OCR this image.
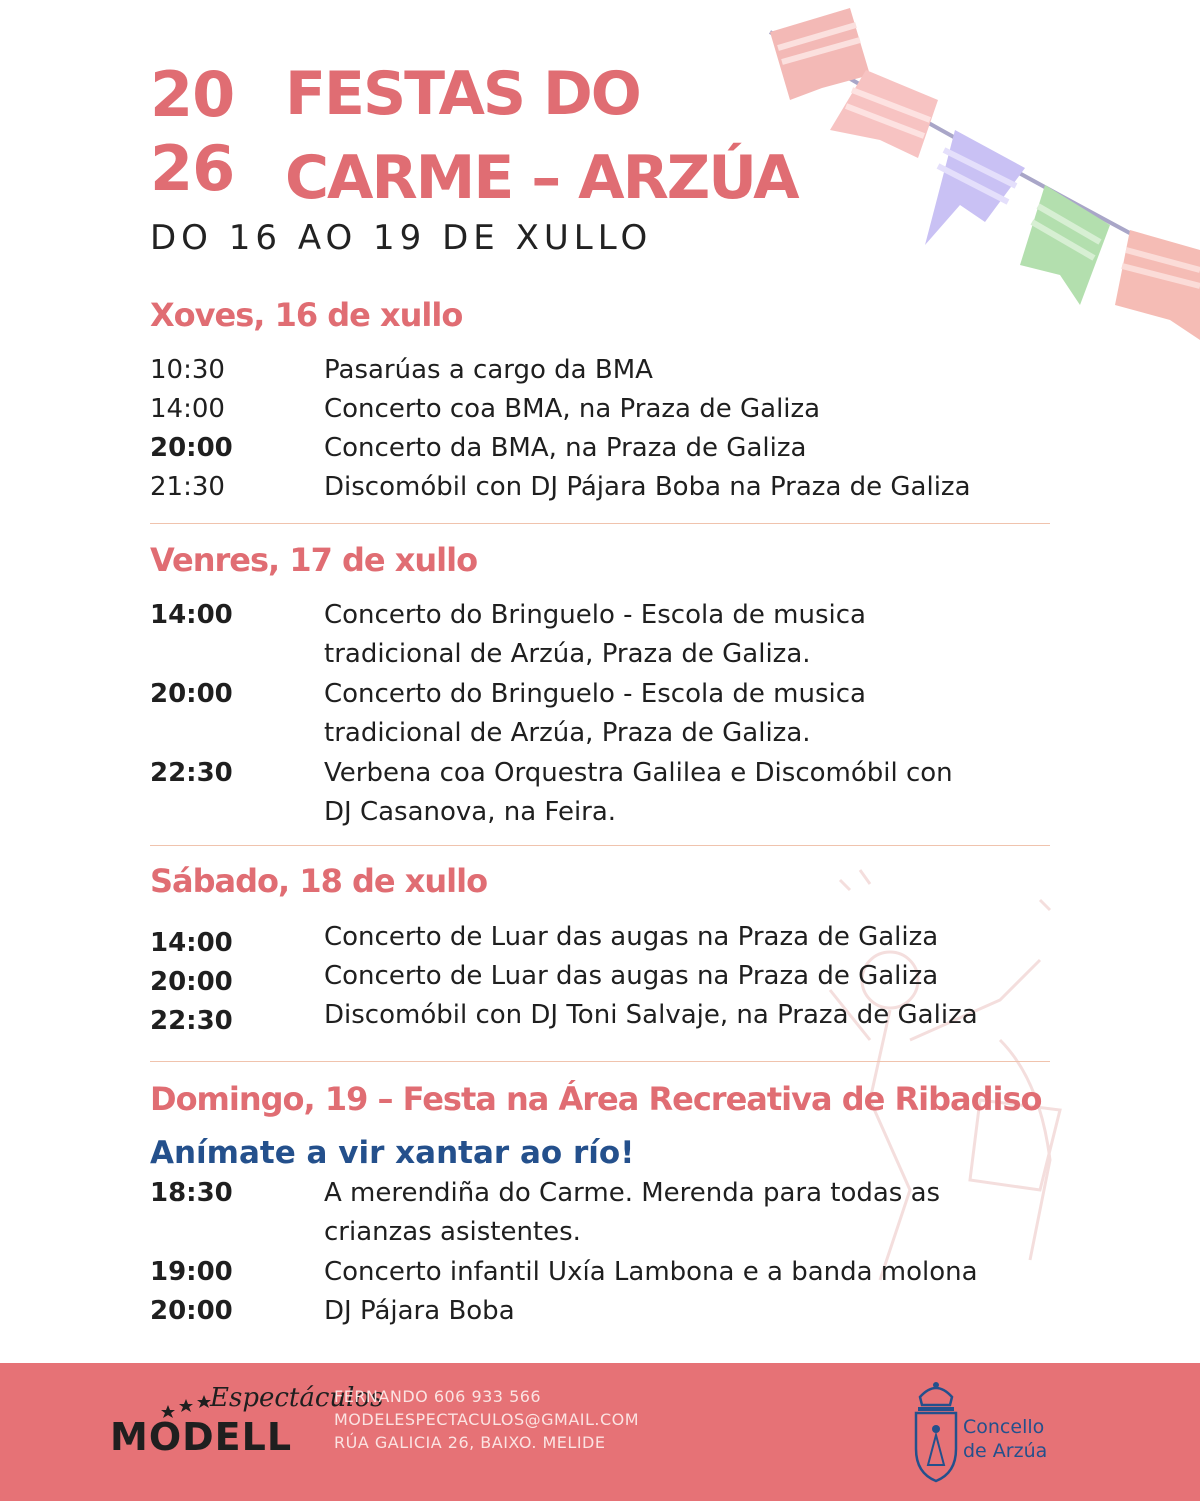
20
26
FESTAS DO
CARME – ARZÚA
DO 16 AO 19 DE XULLO
Xoves, 16 de xullo
10:30	Pasarúas a cargo da BMA
14:00	Concerto coa BMA, na Praza de Galiza
20:00	Concerto da BMA, na Praza de Galiza
21:30	Discomóbil con DJ Pájara Boba na Praza de Galiza
Venres, 17 de xullo
14:00	Concerto do Bringuelo - Escola de musica
tradicional de Arzúa, Praza de Galiza.
20:00	Concerto do Bringuelo - Escola de musica
tradicional de Arzúa, Praza de Galiza.
22:30	Verbena coa Orquestra Galilea e Discomóbil con
DJ Casanova, na Feira.
Sábado, 18 de xullo
14:00	Concerto de Luar das augas na Praza de Galiza
20:00	Concerto de Luar das augas na Praza de Galiza
22:30	Discomóbil con DJ Toni Salvaje, na Praza de Galiza
Domingo, 19 – Festa na Área Recreativa de Ribadiso
Anímate a vir xantar ao río!
18:30	A merendiña do Carme. Merenda para todas as
crianzas asistentes.
19:00	Concerto infantil Uxía Lambona e a banda molona
20:00	DJ Pájara Boba
Espectáculos
MODELL
FERNANDO 606 933 566
MODELESPECTACULOS@GMAIL.COM
RÚA GALICIA 26, BAIXO. MELIDE
Concello
de Arzúa
